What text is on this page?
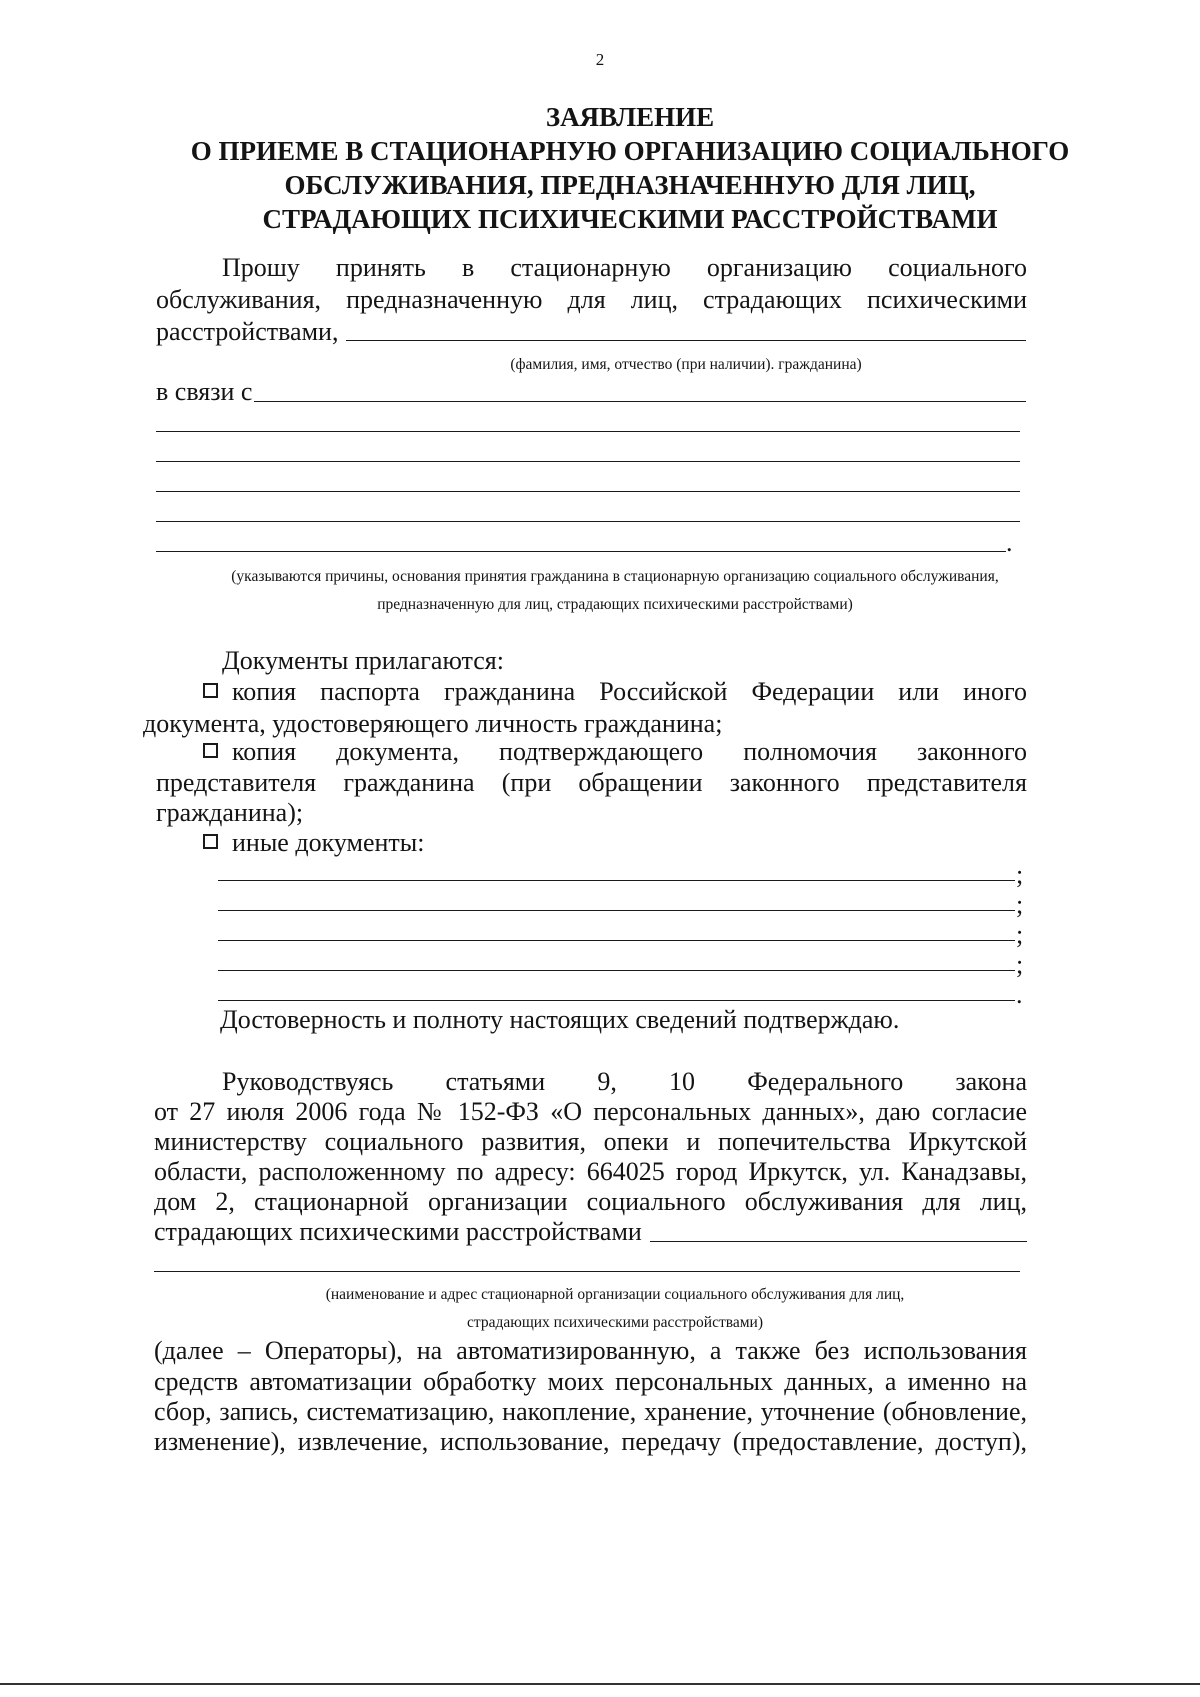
2
ЗАЯВЛЕНИЕ
О ПРИЕМЕ В СТАЦИОНАРНУЮ ОРГАНИЗАЦИЮ СОЦИАЛЬНОГО
ОБСЛУЖИВАНИЯ, ПРЕДНАЗНАЧЕННУЮ ДЛЯ ЛИЦ,
СТРАДАЮЩИХ ПСИХИЧЕСКИМИ РАССТРОЙСТВАМИ
Прошу принять в стационарную организацию социального
обслуживания, предназначенную для лиц, страдающих психическими
расстройствами,
(фамилия, имя, отчество (при наличии). гражданина)
в связи с
.
(указываются причины, основания принятия гражданина в стационарную организацию социального обслуживания,
предназначенную для лиц, страдающих психическими расстройствами)
Документы прилагаются:
копия паспорта гражданина Российской Федерации или иного
документа, удостоверяющего личность гражданина;
копия документа, подтверждающего полномочия законного
представителя гражданина (при обращении законного представителя
гражданина);
иные документы:
;
;
;
;
.
Достоверность и полноту настоящих сведений подтверждаю.
Руководствуясь статьями 9, 10 Федерального закона
от 27 июля 2006 года № 152-ФЗ «О персональных данных», даю согласие
министерству социального развития, опеки и попечительства Иркутской
области, расположенному по адресу: 664025 город Иркутск, ул. Канадзавы,
дом 2, стационарной организации социального обслуживания для лиц,
страдающих психическими расстройствами
(наименование и адрес стационарной организации социального обслуживания для лиц,
страдающих психическими расстройствами)
(далее – Операторы), на автоматизированную, а также без использования
средств автоматизации обработку моих персональных данных, а именно на
сбор, запись, систематизацию, накопление, хранение, уточнение (обновление,
изменение), извлечение, использование, передачу (предоставление, доступ),
